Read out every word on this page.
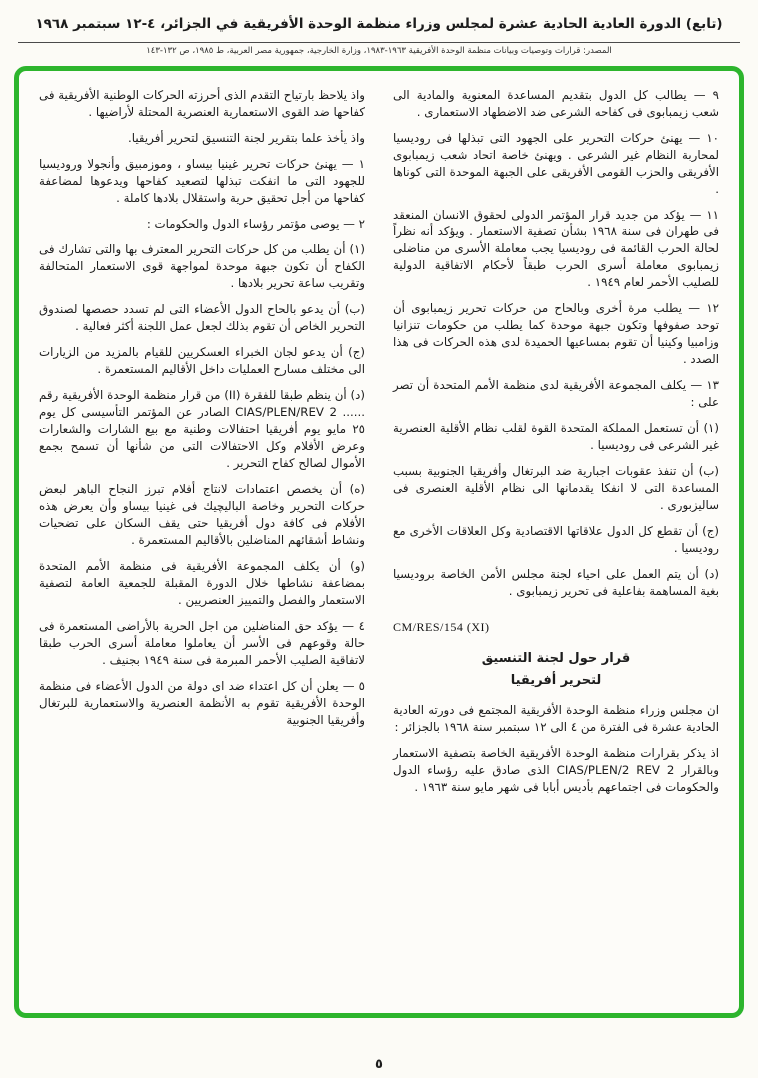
(تابع) الدورة العادية الحادية عشرة لمجلس وزراء منظمة الوحدة الأفريقية في الجزائر، ٤-١٢ سبتمبر ١٩٦٨
المصدر: قرارات وتوصيات وبيانات منظمة الوحدة الأفريقية ١٩٦٣-١٩٨٣، وزارة الخارجية، جمهورية مصر العربية، ط ١٩٨٥، ص ١٣٢-١٤٣

٩ — يطالب كل الدول بتقديم المساعدة المعنوية والمادية الى شعب زيمبابوى فى كفاحه الشرعى ضد الاضطهاد الاستعمارى .

١٠ — يهنئ حركات التحرير على الجهود التى تبذلها فى روديسيا لمحاربة النظام غير الشرعى . ويهنئ خاصة اتحاد شعب زيمبابوى الأفريقى والحزب القومى الأفريقى على الجبهة الموحدة التى كوناها .

١١ — يؤكد من جديد قرار المؤتمر الدولى لحقوق الانسان المنعقد فى طهران فى سنة ١٩٦٨ بشأن تصفية الاستعمار . ويؤكد أنه نظراً لحالة الحرب القائمة فى روديسيا يجب معاملة الأسرى من مناضلى زيمبابوى معاملة أسرى الحرب طبقاً لأحكام الاتفاقية الدولية للصليب الأحمر لعام ١٩٤٩ .

١٢ — يطلب مرة أخرى وبالحاح من حركات تحرير زيمبابوى أن توحد صفوفها وتكون جبهة موحدة كما يطلب من حكومات تنزانيا وزامبيا وكينيا أن تقوم بمساعيها الحميدة لدى هذه الحركات فى هذا الصدد .

١٣ — يكلف المجموعة الأفريقية لدى منظمة الأمم المتحدة أن تصر على :

(١) أن تستعمل المملكة المتحدة القوة لقلب نظام الأقلية العنصرية غير الشرعى فى روديسيا .

(ب) أن تنفذ عقوبات اجبارية ضد البرتغال وأفريقيا الجنوبية بسبب المساعدة التى لا انفكا يقدمانها الى نظام الأقلية العنصرى فى ساليزبورى .

(ج) أن تقطع كل الدول علاقاتها الاقتصادية وكل العلاقات الأخرى مع روديسيا .

(د) أن يتم العمل على احياء لجنة مجلس الأمن الخاصة بروديسيا بغية المساهمة بفاعلية فى تحرير زيمبابوى .

CM/RES/154 (XI)
قرار حول لجنة التنسيق
لتحرير أفريقيا

ان مجلس وزراء منظمة الوحدة الأفريقية المجتمع فى دورته العادية الحادية عشرة فى الفترة من ٤ الى ١٢ سبتمبر سنة ١٩٦٨ بالجزائر :

اذ يذكر بقرارات منظمة الوحدة الأفريقية الخاصة بتصفية الاستعمار وبالقرار CIAS/PLEN/2 REV 2 الذى صادق عليه رؤساء الدول والحكومات فى اجتماعهم بأديس أبابا فى شهر مايو سنة ١٩٦٣ .

واذ يلاحظ بارتياح التقدم الذى أحرزته الحركات الوطنية الأفريقية فى كفاحها ضد القوى الاستعمارية العنصرية المحتلة لأراضيها .

واذ يأخذ علما بتقرير لجنة التنسيق لتحرير أفريقيا.

١ — يهنئ حركات تحرير غينيا بيساو ، وموزمبيق وأنجولا وروديسيا للجهود التى ما انفكت تبذلها لتصعيد كفاحها ويدعوها لمضاعفة كفاحها من أجل تحقيق حرية واستقلال بلادها كاملة .

٢ — يوصى مؤتمر رؤساء الدول والحكومات :

(١) أن يطلب من كل حركات التحرير المعترف بها والتى تشارك فى الكفاح أن تكون جبهة موحدة لمواجهة قوى الاستعمار المتحالفة وتقريب ساعة تحرير بلادها .

(ب) أن يدعو بالحاح الدول الأعضاء التى لم تسدد حصصها لصندوق التحرير الخاص أن تقوم بذلك لجعل عمل اللجنة أكثر فعالية .

(ج) أن يدعو لجان الخبراء العسكريين للقيام بالمزيد من الزيارات الى مختلف مسارح العمليات داخل الأقاليم المستعمرة .

(د) أن ينظم طبقا للفقرة (II) من قرار منظمة الوحدة الأفريقية رقم ...... CIAS/PLEN/REV 2 الصادر عن المؤتمر التأسيسى كل يوم ٢٥ مايو يوم أفريقيا احتفالات وطنية مع بيع الشارات والشعارات وعرض الأفلام وكل الاحتفالات التى من شأنها أن تسمح بجمع الأموال لصالح كفاح التحرير .

(ه) أن يخصص اعتمادات لانتاج أفلام تبرز النجاح الباهر لبعض حركات التحرير وخاصة الباليچيك فى غينيا بيساو وأن يعرض هذه الأفلام فى كافة دول أفريقيا حتى يقف السكان على تضحيات ونشاط أشقائهم المناضلين بالأقاليم المستعمرة .

(و) أن يكلف المجموعة الأفريقية فى منظمة الأمم المتحدة بمضاعفة نشاطها خلال الدورة المقبلة للجمعية العامة لتصفية الاستعمار والفصل والتمييز العنصريين .

٤ — يؤكد حق المناضلين من اجل الحرية بالأراضى المستعمرة فى حالة وقوعهم فى الأسر أن يعاملوا معاملة أسرى الحرب طبقا لاتفاقية الصليب الأحمر المبرمة فى سنة ١٩٤٩ بجنيف .

٥ — يعلن أن كل اعتداء ضد اى دولة من الدول الأعضاء فى منظمة الوحدة الأفريقية تقوم به الأنظمة العنصرية والاستعمارية للبرتغال وأفريقيا الجنوبية

٥
